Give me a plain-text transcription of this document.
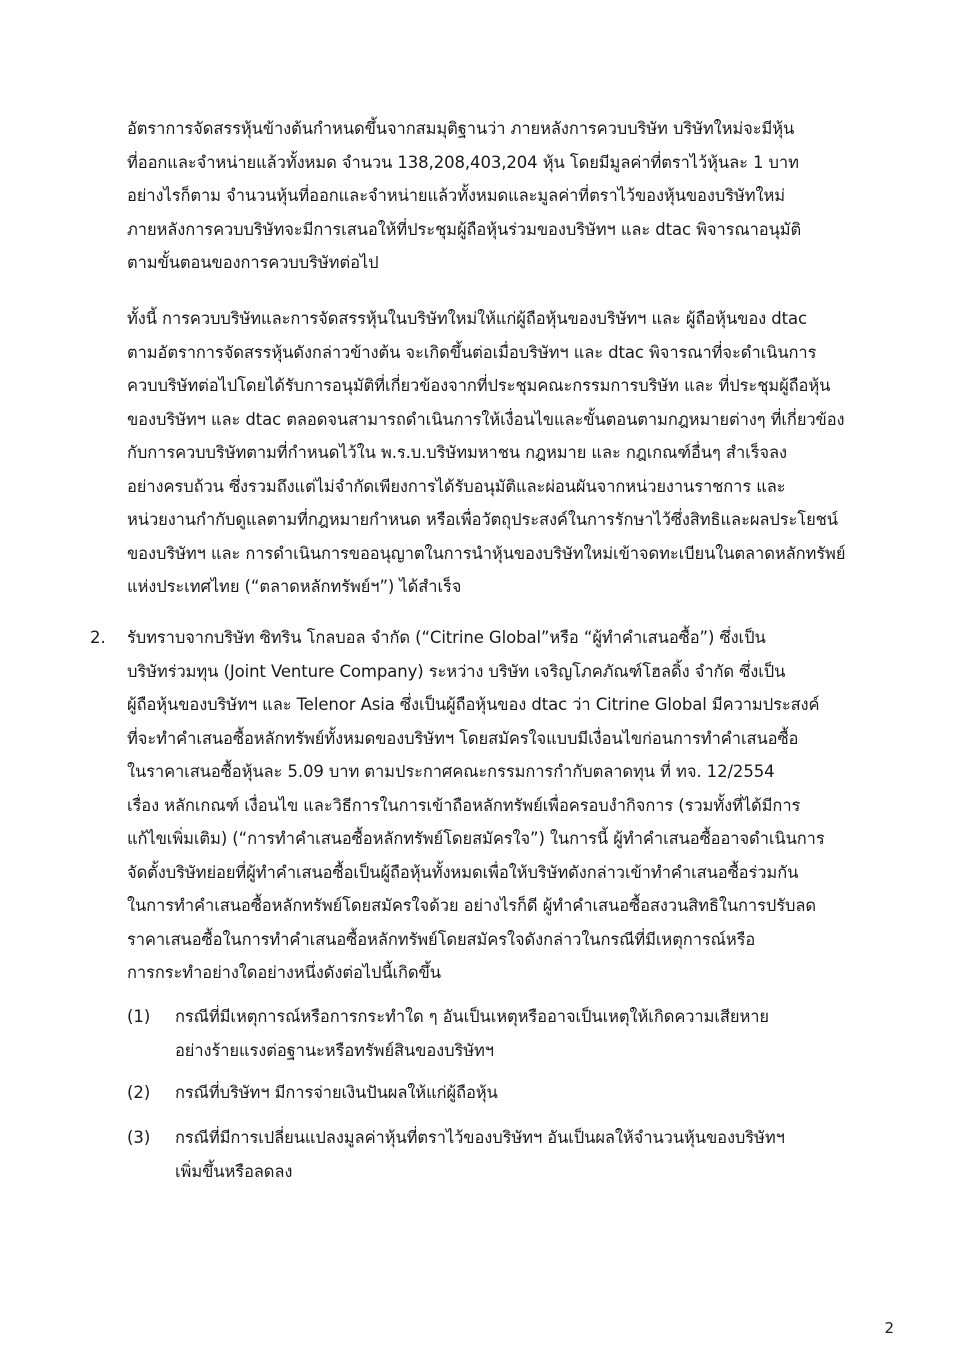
อัตราการจัดสรรหุ้นข้างต้นกำหนดขึ้นจากสมมุติฐานว่า ภายหลังการควบบริษัท บริษัทใหม่จะมีหุ้น
ที่ออกและจำหน่ายแล้วทั้งหมด จำนวน 138,208,403,204 หุ้น โดยมีมูลค่าที่ตราไว้หุ้นละ 1 บาท
อย่างไรก็ตาม จำนวนหุ้นที่ออกและจำหน่ายแล้วทั้งหมดและมูลค่าที่ตราไว้ของหุ้นของบริษัทใหม่
ภายหลังการควบบริษัทจะมีการเสนอให้ที่ประชุมผู้ถือหุ้นร่วมของบริษัทฯ และ dtac พิจารณาอนุมัติ
ตามขั้นตอนของการควบบริษัทต่อไป

ทั้งนี้ การควบบริษัทและการจัดสรรหุ้นในบริษัทใหม่ให้แก่ผู้ถือหุ้นของบริษัทฯ และ ผู้ถือหุ้นของ dtac
ตามอัตราการจัดสรรหุ้นดังกล่าวข้างต้น จะเกิดขึ้นต่อเมื่อบริษัทฯ และ dtac พิจารณาที่จะดำเนินการ
ควบบริษัทต่อไปโดยได้รับการอนุมัติที่เกี่ยวข้องจากที่ประชุมคณะกรรมการบริษัท และ ที่ประชุมผู้ถือหุ้น
ของบริษัทฯ และ dtac ตลอดจนสามารถดำเนินการให้เงื่อนไขและขั้นตอนตามกฎหมายต่างๆ ที่เกี่ยวข้อง
กับการควบบริษัทตามที่กำหนดไว้ใน พ.ร.บ.บริษัทมหาชน กฎหมาย และ กฎเกณฑ์อื่นๆ สำเร็จลง
อย่างครบถ้วน ซึ่งรวมถึงแต่ไม่จำกัดเพียงการได้รับอนุมัติและผ่อนผันจากหน่วยงานราชการ และ
หน่วยงานกำกับดูแลตามที่กฎหมายกำหนด หรือเพื่อวัตถุประสงค์ในการรักษาไว้ซึ่งสิทธิและผลประโยชน์
ของบริษัทฯ และ การดำเนินการขออนุญาตในการนำหุ้นของบริษัทใหม่เข้าจดทะเบียนในตลาดหลักทรัพย์
แห่งประเทศไทย (“ตลาดหลักทรัพย์ฯ”) ได้สำเร็จ

2. รับทราบจากบริษัท ซิทริน โกลบอล จำกัด (“Citrine Global”หรือ “ผู้ทำคำเสนอซื้อ”) ซึ่งเป็น
บริษัทร่วมทุน (Joint Venture Company) ระหว่าง บริษัท เจริญโภคภัณฑ์โฮลดิ้ง จำกัด ซึ่งเป็น
ผู้ถือหุ้นของบริษัทฯ และ Telenor Asia ซึ่งเป็นผู้ถือหุ้นของ dtac ว่า Citrine Global มีความประสงค์
ที่จะทำคำเสนอซื้อหลักทรัพย์ทั้งหมดของบริษัทฯ โดยสมัครใจแบบมีเงื่อนไขก่อนการทำคำเสนอซื้อ
ในราคาเสนอซื้อหุ้นละ 5.09 บาท ตามประกาศคณะกรรมการกำกับตลาดทุน ที่ ทจ. 12/2554
เรื่อง หลักเกณฑ์ เงื่อนไข และวิธีการในการเข้าถือหลักทรัพย์เพื่อครอบงำกิจการ (รวมทั้งที่ได้มีการ
แก้ไขเพิ่มเติม) (“การทำคำเสนอซื้อหลักทรัพย์โดยสมัครใจ”) ในการนี้ ผู้ทำคำเสนอซื้ออาจดำเนินการ
จัดตั้งบริษัทย่อยที่ผู้ทำคำเสนอซื้อเป็นผู้ถือหุ้นทั้งหมดเพื่อให้บริษัทดังกล่าวเข้าทำคำเสนอซื้อร่วมกัน
ในการทำคำเสนอซื้อหลักทรัพย์โดยสมัครใจด้วย อย่างไรก็ดี ผู้ทำคำเสนอซื้อสงวนสิทธิในการปรับลด
ราคาเสนอซื้อในการทำคำเสนอซื้อหลักทรัพย์โดยสมัครใจดังกล่าวในกรณีที่มีเหตุการณ์หรือ
การกระทำอย่างใดอย่างหนึ่งดังต่อไปนี้เกิดขึ้น

(1) กรณีที่มีเหตุการณ์หรือการกระทำใด ๆ อันเป็นเหตุหรืออาจเป็นเหตุให้เกิดความเสียหาย
อย่างร้ายแรงต่อฐานะหรือทรัพย์สินของบริษัทฯ

(2) กรณีที่บริษัทฯ มีการจ่ายเงินปันผลให้แก่ผู้ถือหุ้น

(3) กรณีที่มีการเปลี่ยนแปลงมูลค่าหุ้นที่ตราไว้ของบริษัทฯ อันเป็นผลให้จำนวนหุ้นของบริษัทฯ
เพิ่มขึ้นหรือลดลง

2
